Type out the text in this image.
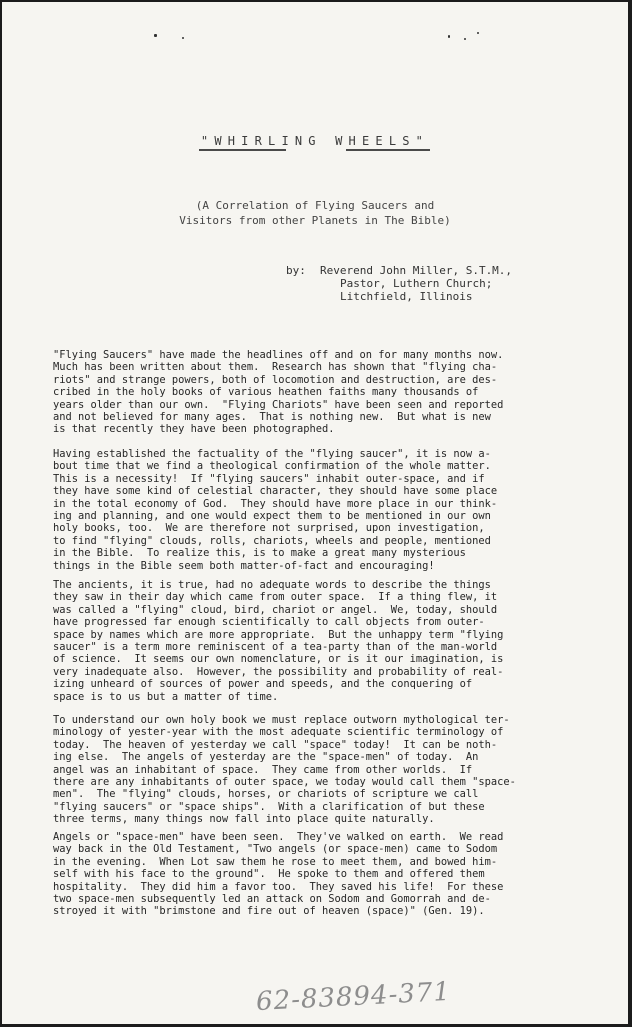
"WHIRLING WHEELS"
(A Correlation of Flying Saucers and
Visitors from other Planets in The Bible)
by: Reverend John Miller, S.T.M.,
Pastor, Luthern Church;
Litchfield, Illinois
"Flying Saucers" have made the headlines off and on for many months now.
Much has been written about them.  Research has shown that "flying cha-
riots" and strange powers, both of locomotion and destruction, are des-
cribed in the holy books of various heathen faiths many thousands of
years older than our own.  "Flying Chariots" have been seen and reported
and not believed for many ages.  That is nothing new.  But what is new
is that recently they have been photographed.
Having established the factuality of the "flying saucer", it is now a-
bout time that we find a theological confirmation of the whole matter.
This is a necessity!  If "flying saucers" inhabit outer-space, and if
they have some kind of celestial character, they should have some place
in the total economy of God.  They should have more place in our think-
ing and planning, and one would expect them to be mentioned in our own
holy books, too.  We are therefore not surprised, upon investigation,
to find "flying" clouds, rolls, chariots, wheels and people, mentioned
in the Bible.  To realize this, is to make a great many mysterious
things in the Bible seem both matter-of-fact and encouraging!
The ancients, it is true, had no adequate words to describe the things
they saw in their day which came from outer space.  If a thing flew, it
was called a "flying" cloud, bird, chariot or angel.  We, today, should
have progressed far enough scientifically to call objects from outer-
space by names which are more appropriate.  But the unhappy term "flying
saucer" is a term more reminiscent of a tea-party than of the man-world
of science.  It seems our own nomenclature, or is it our imagination, is
very inadequate also.  However, the possibility and probability of real-
izing unheard of sources of power and speeds, and the conquering of
space is to us but a matter of time.
To understand our own holy book we must replace outworn mythological ter-
minology of yester-year with the most adequate scientific terminology of
today.  The heaven of yesterday we call "space" today!  It can be noth-
ing else.  The angels of yesterday are the "space-men" of today.  An
angel was an inhabitant of space.  They came from other worlds.  If
there are any inhabitants of outer space, we today would call them "space-
men".  The "flying" clouds, horses, or chariots of scripture we call
"flying saucers" or "space ships".  With a clarification of but these
three terms, many things now fall into place quite naturally.
Angels or "space-men" have been seen.  They've walked on earth.  We read
way back in the Old Testament, "Two angels (or space-men) came to Sodom
in the evening.  When Lot saw them he rose to meet them, and bowed him-
self with his face to the ground".  He spoke to them and offered them
hospitality.  They did him a favor too.  They saved his life!  For these
two space-men subsequently led an attack on Sodom and Gomorrah and de-
stroyed it with "brimstone and fire out of heaven (space)" (Gen. 19).
62-83894-371
